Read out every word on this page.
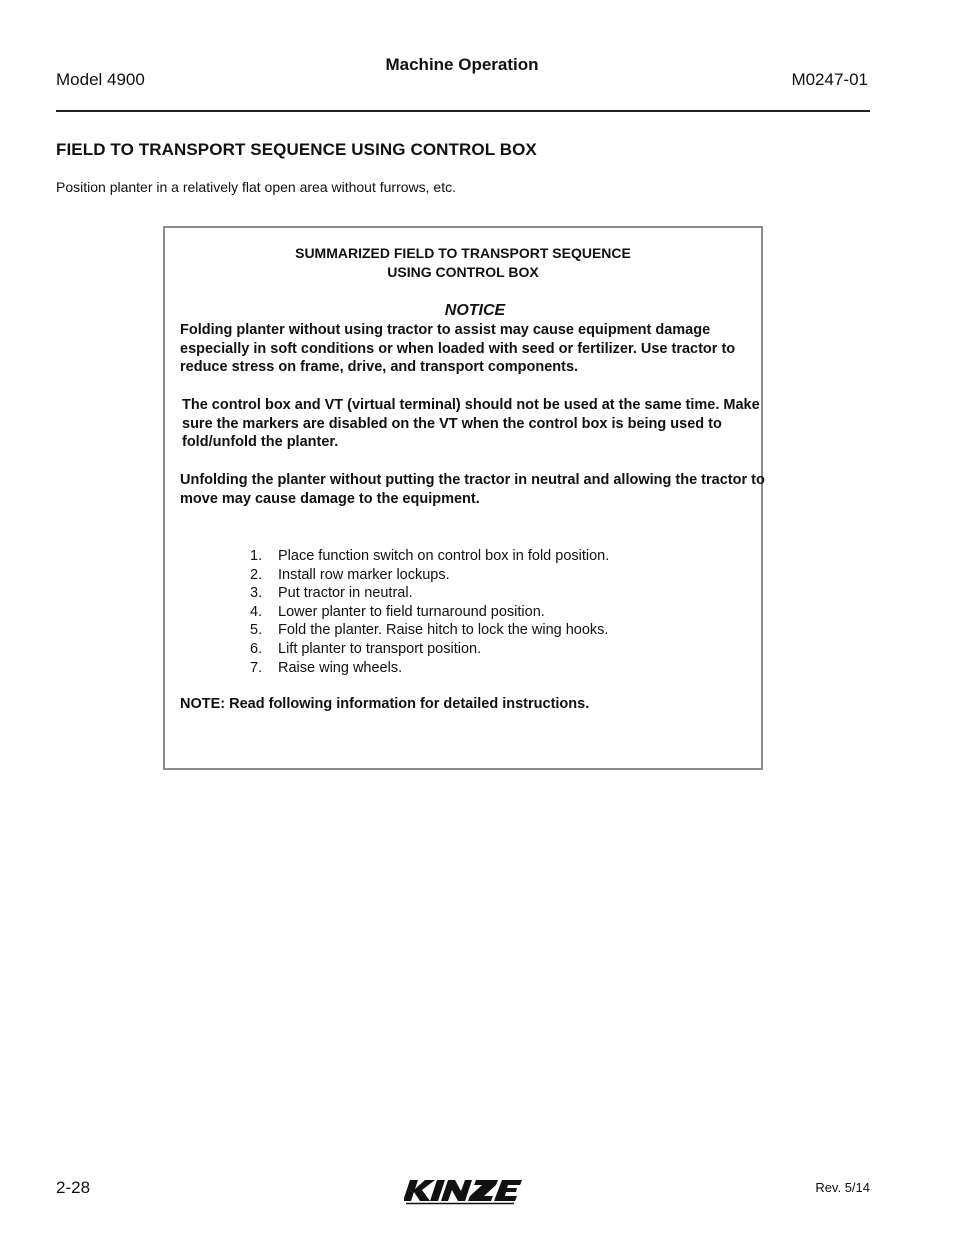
Model 4900
Machine Operation
M0247-01
FIELD TO TRANSPORT SEQUENCE USING CONTROL BOX
Position planter in a relatively flat open area without furrows, etc.
SUMMARIZED FIELD TO TRANSPORT SEQUENCE
USING CONTROL BOX
NOTICE
Folding planter without using tractor to assist may cause equipment damage especially in soft conditions or when loaded with seed or fertilizer. Use tractor to reduce stress on frame, drive, and transport components.
The control box and VT (virtual terminal) should not be used at the same time. Make sure the markers are disabled on the VT when the control box is being used to fold/unfold the planter.
Unfolding the planter without putting the tractor in neutral and allowing the tractor to move may cause damage to the equipment.
1. Place function switch on control box in fold position.
2. Install row marker lockups.
3. Put tractor in neutral.
4. Lower planter to field turnaround position.
5. Fold the planter. Raise hitch to lock the wing hooks.
6. Lift planter to transport position.
7. Raise wing wheels.
NOTE: Read following information for detailed instructions.
2-28	Rev. 5/14
